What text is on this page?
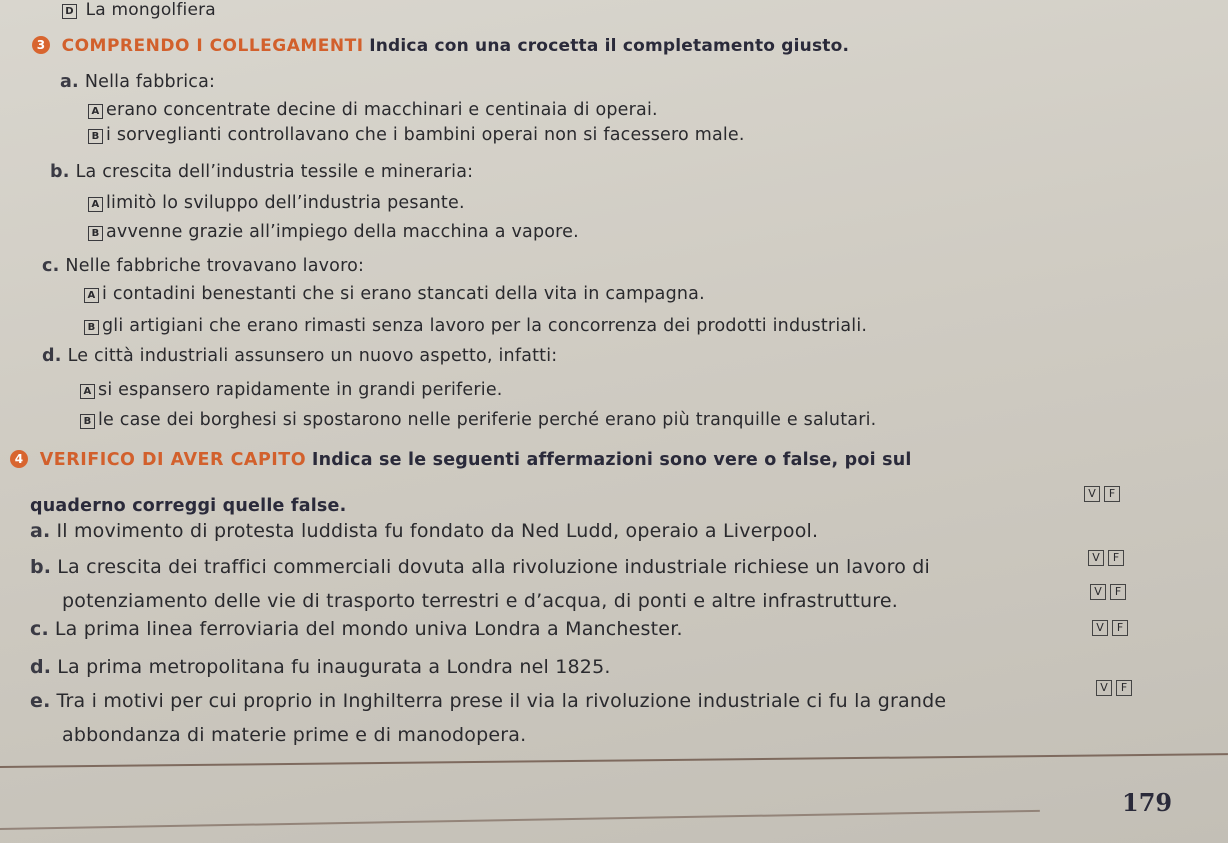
D La mongolfiera
3 COMPRENDO I COLLEGAMENTI Indica con una crocetta il completamento giusto.
a. Nella fabbrica:
A erano concentrate decine di macchinari e centinaia di operai.
B i sorveglianti controllavano che i bambini operai non si facessero male.
b. La crescita dell’industria tessile e mineraria:
A limitò lo sviluppo dell’industria pesante.
B avvenne grazie all’impiego della macchina a vapore.
c. Nelle fabbriche trovavano lavoro:
A i contadini benestanti che si erano stancati della vita in campagna.
B gli artigiani che erano rimasti senza lavoro per la concorrenza dei prodotti industriali.
d. Le città industriali assunsero un nuovo aspetto, infatti:
A si espansero rapidamente in grandi periferie.
B le case dei borghesi si spostarono nelle periferie perché erano più tranquille e salutari.
4 VERIFICO DI AVER CAPITO Indica se le seguenti affermazioni sono vere o false, poi sul
quaderno correggi quelle false.
a. Il movimento di protesta luddista fu fondato da Ned Ludd, operaio a Liverpool.
V F
b. La crescita dei traffici commerciali dovuta alla rivoluzione industriale richiese un lavoro di
potenziamento delle vie di trasporto terrestri e d’acqua, di ponti e altre infrastrutture.
V F
c. La prima linea ferroviaria del mondo univa Londra a Manchester.
V F
d. La prima metropolitana fu inaugurata a Londra nel 1825.
V F
e. Tra i motivi per cui proprio in Inghilterra prese il via la rivoluzione industriale ci fu la grande
abbondanza di materie prime e di manodopera.
V F
179
